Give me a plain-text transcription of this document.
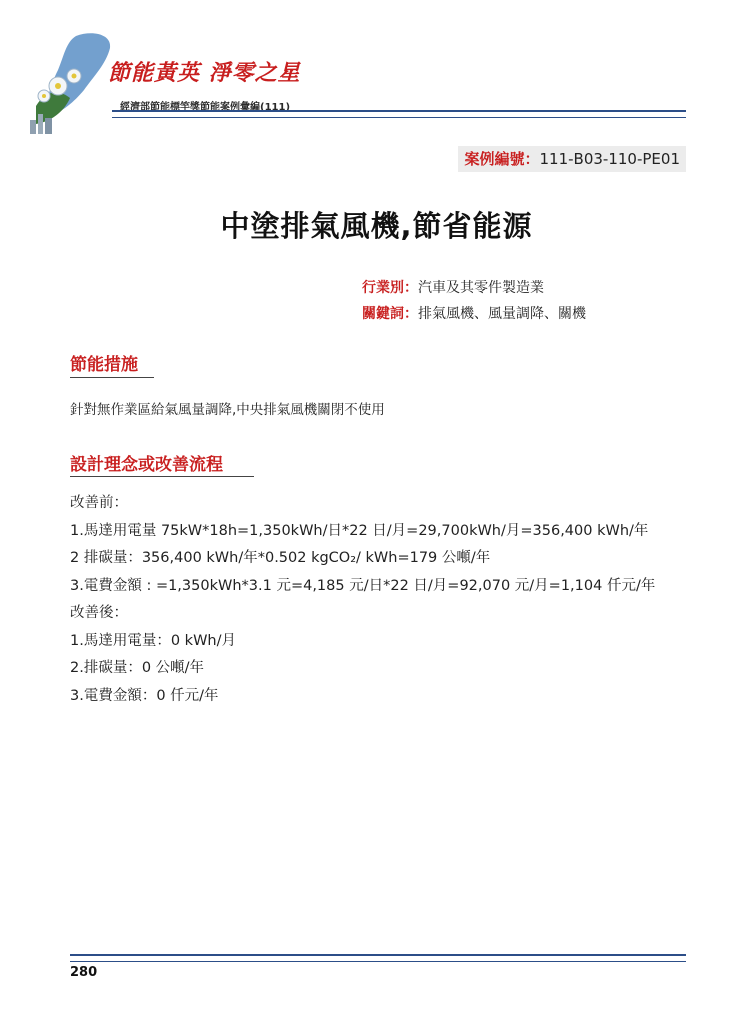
節能黃英 淨零之星
經濟部節能標竿獎節能案例彙編(111)
案例編號：111-B03-110-PE01
中塗排氣風機,節省能源
行業別：汽車及其零件製造業
關鍵詞：排氣風機、風量調降、關機
節能措施
針對無作業區給氣風量調降,中央排氣風機關閉不使用
設計理念或改善流程
改善前：
1.馬達用電量 75kW*18h=1,350kWh/日*22 日/月=29,700kWh/月=356,400 kWh/年
2 排碳量：356,400 kWh/年*0.502 kgCO₂/ kWh=179 公噸/年
3.電費金額 : =1,350kWh*3.1 元=4,185 元/日*22 日/月=92,070 元/月=1,104 仟元/年
改善後：
1.馬達用電量：0 kWh/月
2.排碳量：0 公噸/年
3.電費金額：0 仟元/年
280
